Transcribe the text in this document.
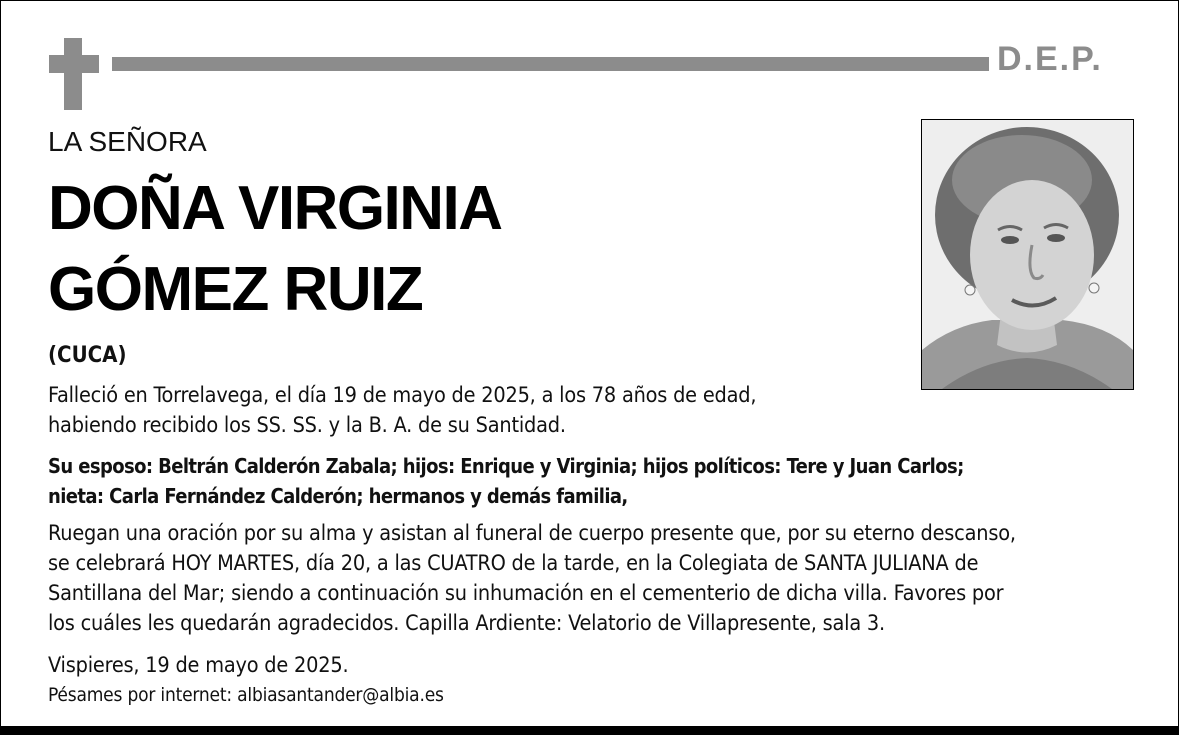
D.E.P.
LA SEÑORA
DOÑA VIRGINIA
GÓMEZ RUIZ
(CUCA)
Falleció en Torrelavega, el día 19 de mayo de 2025, a los 78 años de edad,
habiendo recibido los SS. SS. y la B. A. de su Santidad.
Su esposo: Beltrán Calderón Zabala; hijos: Enrique y Virginia; hijos políticos: Tere y Juan Carlos;
nieta: Carla Fernández Calderón; hermanos y demás familia,
Ruegan una oración por su alma y asistan al funeral de cuerpo presente que, por su eterno descanso,
se celebrará HOY MARTES, día 20, a las CUATRO de la tarde, en la Colegiata de SANTA JULIANA de
Santillana del Mar; siendo a continuación su inhumación en el cementerio de dicha villa. Favores por
los cuáles les quedarán agradecidos. Capilla Ardiente: Velatorio de Villapresente, sala 3.
Vispieres, 19 de mayo de 2025.
Pésames por internet: albiasantander@albia.es
